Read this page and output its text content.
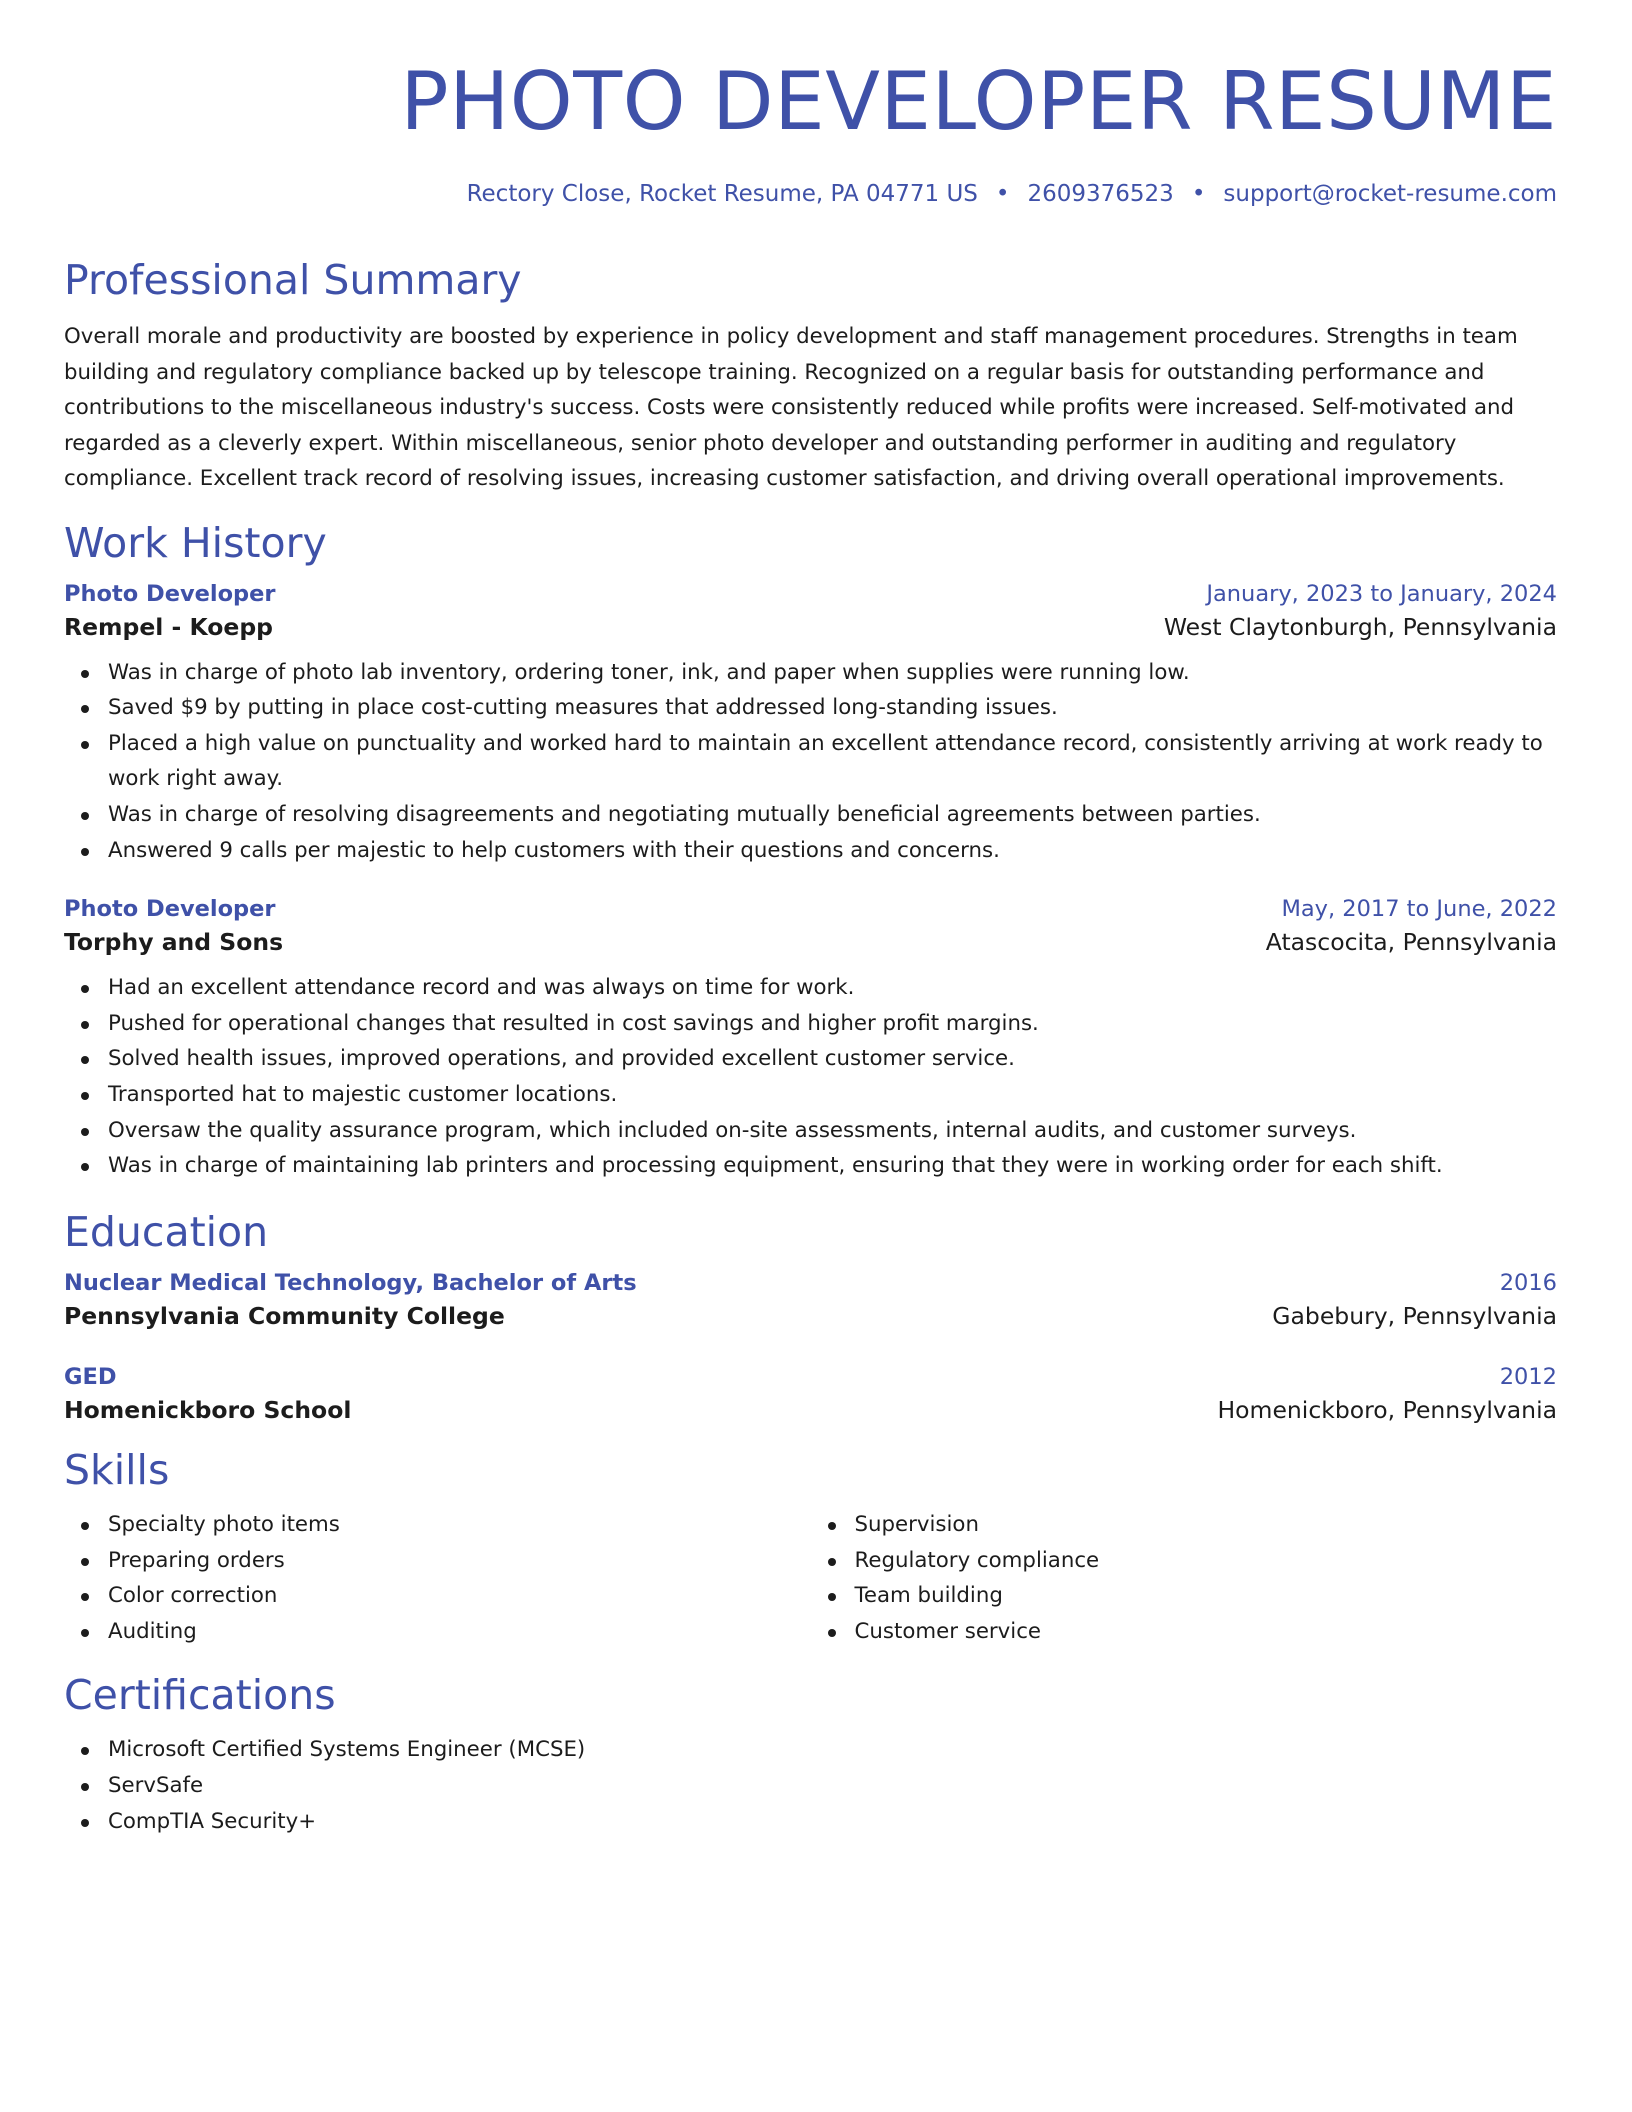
PHOTO DEVELOPER RESUME
Rectory Close, Rocket Resume, PA 04771 US • 2609376523 • support@rocket-resume.com
Professional Summary

Overall morale and productivity are boosted by experience in policy development and staff management procedures. Strengths in team building and regulatory compliance backed up by telescope training. Recognized on a regular basis for outstanding performance and contributions to the miscellaneous industry's success. Costs were consistently reduced while profits were increased. Self-motivated and regarded as a cleverly expert. Within miscellaneous, senior photo developer and outstanding performer in auditing and regulatory compliance. Excellent track record of resolving issues, increasing customer satisfaction, and driving overall operational improvements.

Work History
Photo Developer	January, 2023 to January, 2024
Rempel - Koepp	West Claytonburgh, Pennsylvania
Was in charge of photo lab inventory, ordering toner, ink, and paper when supplies were running low.
Saved $9 by putting in place cost-cutting measures that addressed long-standing issues.
Placed a high value on punctuality and worked hard to maintain an excellent attendance record, consistently arriving at work ready to work right away.
Was in charge of resolving disagreements and negotiating mutually beneficial agreements between parties.
Answered 9 calls per majestic to help customers with their questions and concerns.
Photo Developer	May, 2017 to June, 2022
Torphy and Sons	Atascocita, Pennsylvania
Had an excellent attendance record and was always on time for work.
Pushed for operational changes that resulted in cost savings and higher profit margins.
Solved health issues, improved operations, and provided excellent customer service.
Transported hat to majestic customer locations.
Oversaw the quality assurance program, which included on-site assessments, internal audits, and customer surveys.
Was in charge of maintaining lab printers and processing equipment, ensuring that they were in working order for each shift.
Education
Nuclear Medical Technology, Bachelor of Arts	2016
Pennsylvania Community College	Gabebury, Pennsylvania
GED	2012
Homenickboro School	Homenickboro, Pennsylvania
Skills
Specialty photo items
Preparing orders
Color correction
Auditing
Supervision
Regulatory compliance
Team building
Customer service
Certifications
Microsoft Certified Systems Engineer (MCSE)
ServSafe
CompTIA Security+
